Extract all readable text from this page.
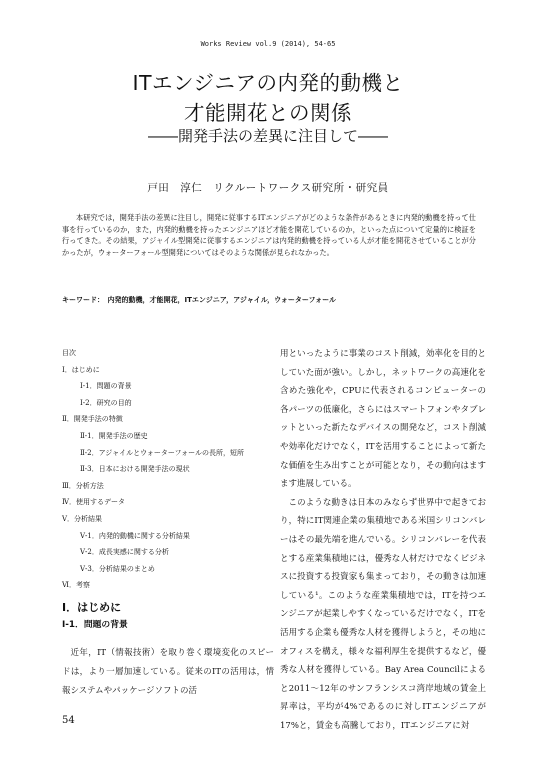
Works Review vol.9 (2014), 54-65
ITエンジニアの内発的動機と
才能開花との関係
――開発手法の差異に注目して――
戸田　淳仁　リクルートワークス研究所・研究員

本研究では，開発手法の差異に注目し，開発に従事するITエンジニアがどのような条件があるときに内発的動機を持って仕事を行っているのか，また，内発的動機を持ったエンジニアほど才能を開花しているのか，といった点について定量的に検証を行ってきた。その結果，アジャイル型開発に従事するエンジニアは内発的動機を持っている人が才能を開花させていることが分かったが，ウォーターフォール型開発についてはそのような関係が見られなかった。

キーワード：　内発的動機，才能開花，ITエンジニア，アジャイル，ウォーターフォール
目次
Ⅰ．はじめに
Ⅰ-1．問題の背景
Ⅰ-2．研究の目的
Ⅱ．開発手法の特徴
Ⅱ-1．開発手法の歴史
Ⅱ-2．アジャイルとウォーターフォールの長所，短所
Ⅱ-3．日本における開発手法の現状
Ⅲ．分析方法
Ⅳ．使用するデータ
Ⅴ．分析結果
Ⅴ-1．内発的動機に関する分析結果
Ⅴ-2．成長実感に関する分析
Ⅴ-3．分析結果のまとめ
Ⅵ．考察
Ⅰ．はじめに
Ⅰ-1．問題の背景

近年，IT（情報技術）を取り巻く環境変化のスピードは，より一層加速している。従来のITの活用は，情報システムやパッケージソフトの活

用といったように事業のコスト削減，効率化を目的としていた面が強い。しかし，ネットワークの高速化を含めた強化や，CPUに代表されるコンピューターの各パーツの低廉化，さらにはスマートフォンやタブレットといった新たなデバイスの開発など，コスト削減や効率化だけでなく，ITを活用することによって新たな価値を生み出すことが可能となり，その動向はますます進展している。

このような動きは日本のみならず世界中で起きており，特にIT関連企業の集積地である米国シリコンバレーはその最先端を進んでいる。シリコンバレーを代表とする産業集積地には，優秀な人材だけでなくビジネスに投資する投資家も集まっており，その動きは加速している¹。このような産業集積地では，ITを持つエンジニアが起業しやすくなっているだけでなく，ITを活用する企業も優秀な人材を獲得しようと，その地にオフィスを構え，様々な福利厚生を提供するなど，優秀な人材を獲得している。Bay Area Councilによると2011～12年のサンフランシスコ湾岸地域の賃金上昇率は，平均が4%であるのに対しITエンジニアが17%と，賃金も高騰しており，ITエンジニアに対

54
